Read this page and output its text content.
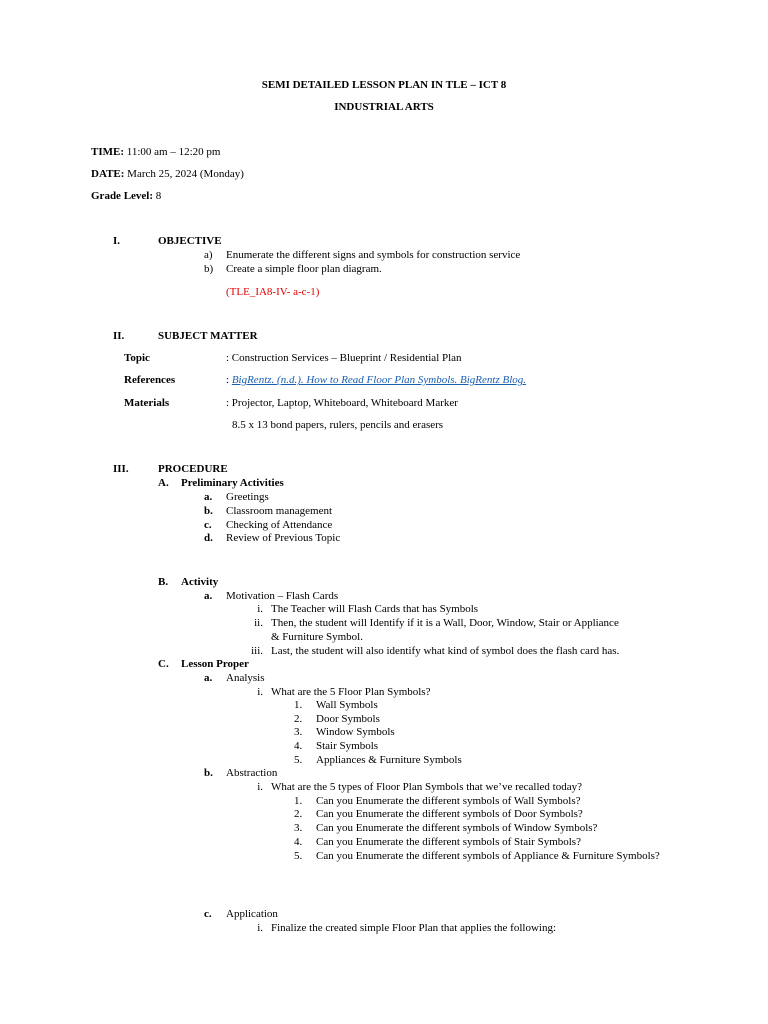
SEMI DETAILED LESSON PLAN IN TLE – ICT 8
INDUSTRIAL ARTS
TIME: 11:00 am – 12:20 pm
DATE: March 25, 2024 (Monday)
Grade Level: 8
I.	OBJECTIVE
a) Enumerate the different signs and symbols for construction service
b) Create a simple floor plan diagram.
(TLE_IA8-IV- a-c-1)
II.	SUBJECT MATTER
Topic	: Construction Services – Blueprint / Residential Plan
References	: BigRentz. (n.d.). How to Read Floor Plan Symbols. BigRentz Blog.
Materials	: Projector, Laptop, Whiteboard, Whiteboard Marker
8.5 x 13 bond papers, rulers, pencils and erasers
III.	PROCEDURE
A. Preliminary Activities
a. Greetings
b. Classroom management
c. Checking of Attendance
d. Review of Previous Topic
B. Activity
a. Motivation – Flash Cards
i. The Teacher will Flash Cards that has Symbols
ii. Then, the student will Identify if it is a Wall, Door, Window, Stair or Appliance
& Furniture Symbol.
iii. Last, the student will also identify what kind of symbol does the flash card has.
C. Lesson Proper
a. Analysis
i. What are the 5 Floor Plan Symbols?
1. Wall Symbols
2. Door Symbols
3. Window Symbols
4. Stair Symbols
5. Appliances & Furniture Symbols
b. Abstraction
i. What are the 5 types of Floor Plan Symbols that we’ve recalled today?
1. Can you Enumerate the different symbols of Wall Symbols?
2. Can you Enumerate the different symbols of Door Symbols?
3. Can you Enumerate the different symbols of Window Symbols?
4. Can you Enumerate the different symbols of Stair Symbols?
5. Can you Enumerate the different symbols of Appliance & Furniture Symbols?
c. Application
i. Finalize the created simple Floor Plan that applies the following:
